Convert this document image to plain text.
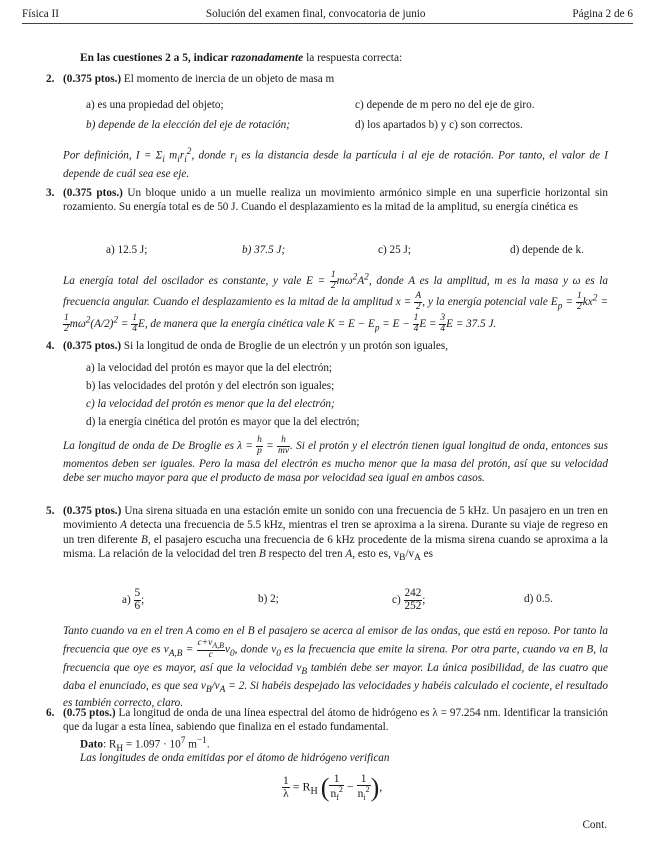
Física II	Solución del examen final, convocatoria de junio	Página 2 de 6
En las cuestiones 2 a 5, indicar razonadamente la respuesta correcta:
2. (0.375 ptos.) El momento de inercia de un objeto de masa m
a) es una propiedad del objeto;	c) depende de m pero no del eje de giro.
b) depende de la elección del eje de rotación;	d) los apartados b) y c) son correctos.
Por definición, $I = \Sigma_i$ $m_ir_i^2$, donde $r_i$ es la distancia desde la partícula i al eje de rotación. Por tanto, el valor de I depende de cuál sea ese eje.
3. (0.375 ptos.) Un bloque unido a un muelle realiza un movimiento armónico simple en una superficie horizontal sin rozamiento. Su energía total es de 50 J. Cuando el desplazamiento es la mitad de la amplitud, su energía cinética es
a) 12.5 J;	b) 37.5 J;	c) 25 J;	d) depende de k.
La energía total del oscilador es constante, y vale $E = \frac{1}{2} m\omega^2A^2$, donde A es la amplitud, m es la masa y ω es la frecuencia angular. Cuando el desplazamiento es la mitad de la amplitud $x = \frac{A}{2}$ , y la energía potencial vale $E_p = \frac{1}{2} kx^2$ =
$\frac{1}{2} m\omega^2(A/2)^2 = \frac{1}{4} E$, de manera que la energía cinética vale $K = E - E_p = E - \frac{1}{4}$ $E = \frac{3}{4}$ E = 37.5 J.
4. (0.375 ptos.) Si la longitud de onda de Broglie de un electrón y un protón son iguales,
a) la velocidad del protón es mayor que la del electrón;
b) las velocidades del protón y del electrón son iguales;
c) la velocidad del protón es menor que la del electrón;
d) la energía cinética del protón es mayor que la del electrón;
La longitud de onda de De Broglie es $\lambda = \frac{h}{p} = \frac{h}{mv}$ . Si el protón y el electrón tienen igual longitud de onda, entonces sus momentos deben ser iguales. Pero la masa del electrón es mucho menor que la masa del protón, así que su velocidad debe ser mucho mayor para que el producto de masa por velocidad sea igual en ambos casos.
5. (0.375 ptos.) Una sirena situada en una estación emite un sonido con una frecuencia de 5 kHz. Un pasajero en un tren en movimiento A detecta una frecuencia de 5.5 kHz, mientras el tren se aproxima a la sirena. Durante su viaje de regreso en un tren diferente B, el pasajero escucha una frecuencia de 6 kHz procedente de la misma sirena cuando se aproxima a la misma. La relación de la velocidad del tren B respecto del tren A, esto es, $v_B/v_A$ es
$a) \frac{5}{6}$ ;	b) 2;	$c) \frac{242}{252}$ ;	d) 0.5.
Tanto cuando va en el tren A como en el B el pasajero se acerca al emisor de las ondas, que está en reposo. Por tanto la frecuencia que oye es $\nu_{A,B} = \frac{c+v_{A,B}}{c} \nu_0$, donde $\nu_0$ es la frecuencia que emite la sirena. Por otra parte, cuando va en B, la frecuencia que oye es mayor, así que la velocidad $v_B$ también debe ser mayor. La única posibilidad, de las cuatro que daba el enunciado, es que sea $v_B/v_A = 2$. Si habéis despejado las velocidades y habéis calculado el cociente, el resultado es también correcto, claro.
6. (0.75 ptos.) La longitud de onda de una línea espectral del átomo de hidrógeno es λ = 97.254 nm. Identificar la transición que da lugar a esta línea, sabiendo que finaliza en el estado fundamental.
Dato: $R_H = 1.097 \cdot 10^7$ $m^{-1}$.
Las longitudes de onda emitidas por el átomo de hidrógeno verifican
$\frac{1}{\lambda} = R_H$ ( $\frac{1}{n_f^2} - \frac{1}{n_i^2}$ ),
Cont.
